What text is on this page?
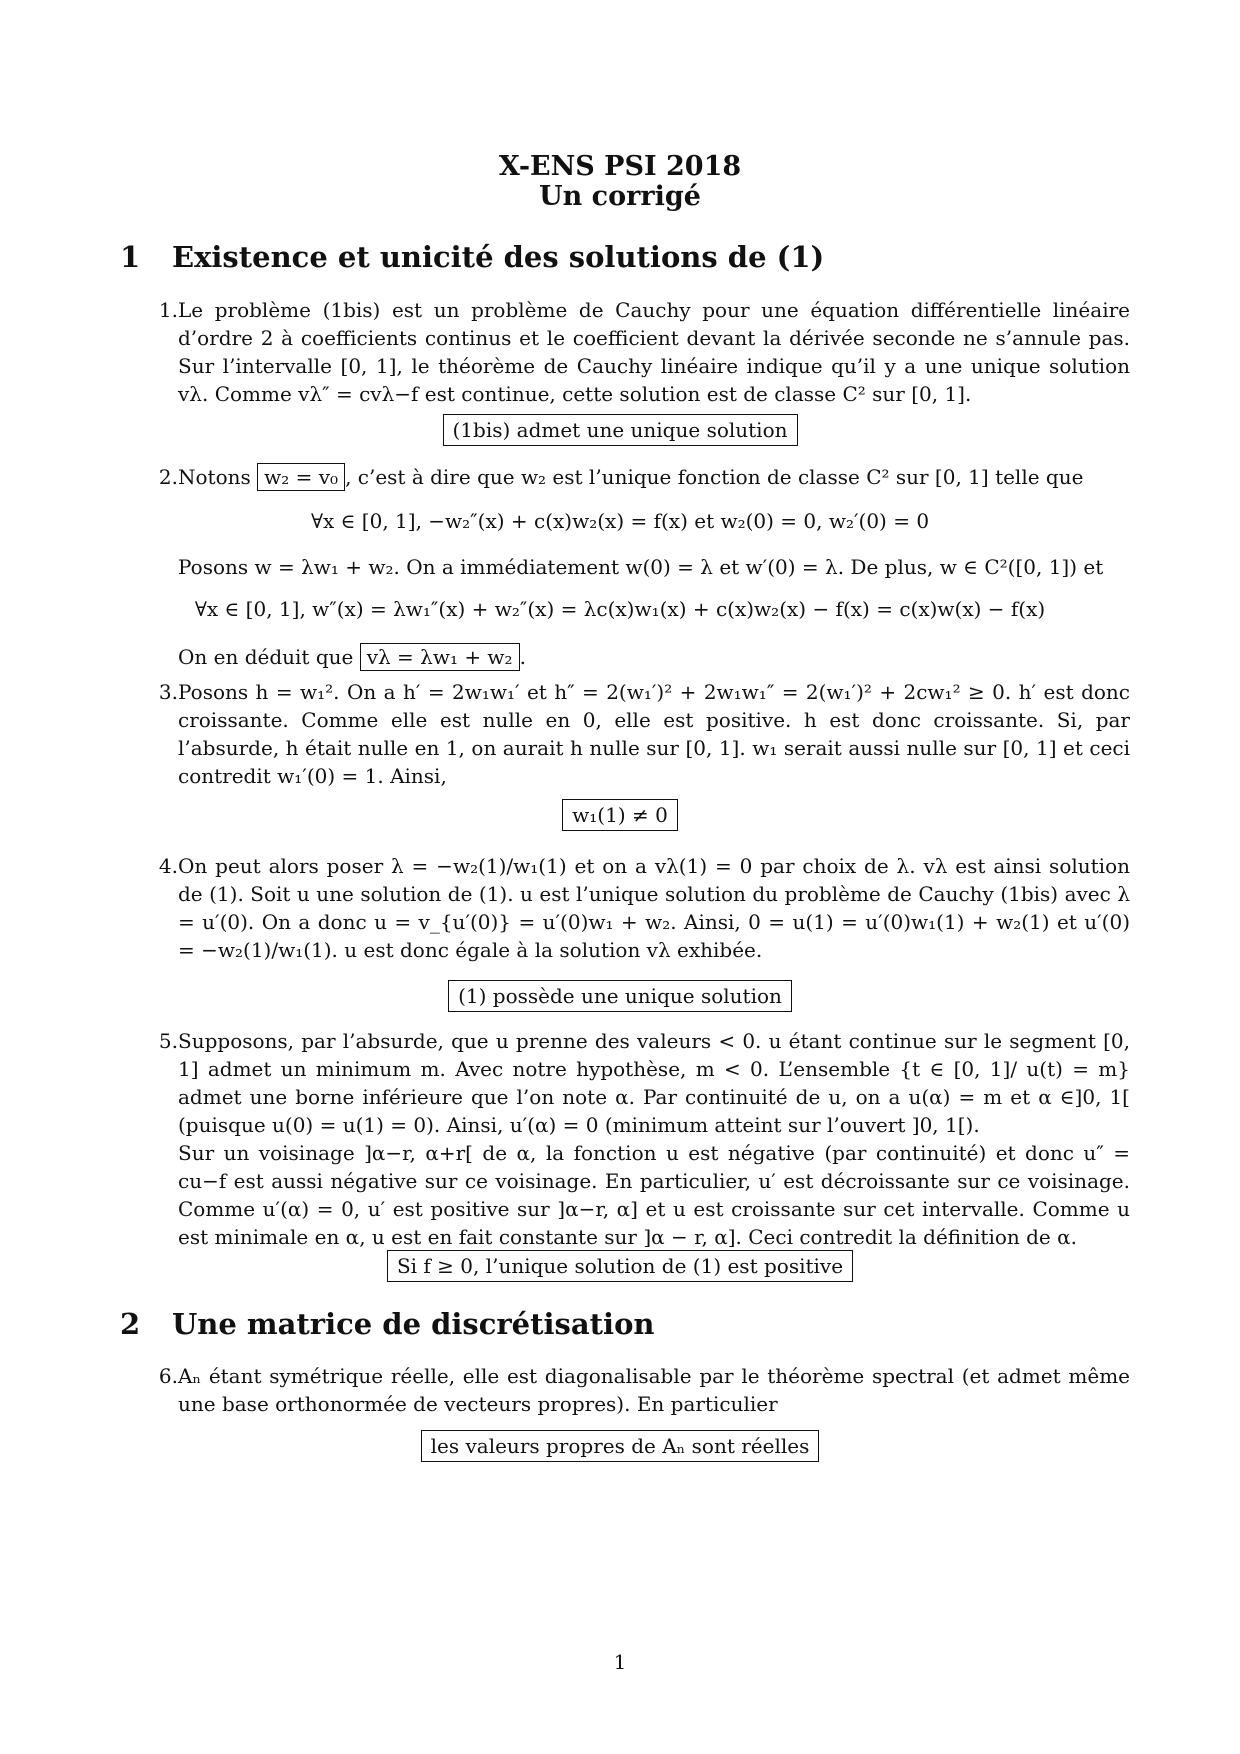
X-ENS PSI 2018
Un corrigé
1 Existence et unicité des solutions de (1)
1. Le problème (1bis) est un problème de Cauchy pour une équation différentielle linéaire d’ordre 2 à coefficients continus et le coefficient devant la dérivée seconde ne s’annule pas. Sur l’intervalle [0, 1], le théorème de Cauchy linéaire indique qu’il y a une unique solution vλ. Comme vλ″ = cvλ−f est continue, cette solution est de classe C² sur [0, 1].

(1bis) admet une unique solution
2. Notons w₂ = v₀ , c’est à dire que w₂ est l’unique fonction de classe C² sur [0, 1] telle que

∀x ∈ [0, 1], −w₂″(x) + c(x)w₂(x) = f(x) et w₂(0) = 0, w₂′(0) = 0

Posons w = λw₁ + w₂. On a immédiatement w(0) = λ et w′(0) = λ. De plus, w ∈ C²([0, 1]) et

∀x ∈ [0, 1], w″(x) = λw₁″(x) + w₂″(x) = λc(x)w₁(x) + c(x)w₂(x) − f(x) = c(x)w(x) − f(x)

On en déduit que vλ = λw₁ + w₂ .

3. Posons h = w₁². On a h′ = 2w₁w₁′ et h″ = 2(w₁′)² + 2w₁w₁″ = 2(w₁′)² + 2cw₁² ≥ 0. h′ est donc croissante. Comme elle est nulle en 0, elle est positive. h est donc croissante. Si, par l’absurde, h était nulle en 1, on aurait h nulle sur [0, 1]. w₁ serait aussi nulle sur [0, 1] et ceci contredit w₁′(0) = 1. Ainsi,

w₁(1) ≠ 0
4. On peut alors poser λ = −w₂(1)/w₁(1) et on a vλ(1) = 0 par choix de λ. vλ est ainsi solution de (1). Soit u une solution de (1). u est l’unique solution du problème de Cauchy (1bis) avec λ = u′(0). On a donc u = v_{u′(0)} = u′(0)w₁ + w₂. Ainsi, 0 = u(1) = u′(0)w₁(1) + w₂(1) et u′(0) = −w₂(1)/w₁(1). u est donc égale à la solution vλ exhibée.

(1) possède une unique solution
5. Supposons, par l’absurde, que u prenne des valeurs < 0. u étant continue sur le segment [0, 1] admet un minimum m. Avec notre hypothèse, m < 0. L’ensemble {t ∈ [0, 1]/ u(t) = m} admet une borne inférieure que l’on note α. Par continuité de u, on a u(α) = m et α ∈]0, 1[ (puisque u(0) = u(1) = 0). Ainsi, u′(α) = 0 (minimum atteint sur l’ouvert ]0, 1[).

Sur un voisinage ]α−r, α+r[ de α, la fonction u est négative (par continuité) et donc u″ = cu−f est aussi négative sur ce voisinage. En particulier, u′ est décroissante sur ce voisinage. Comme u′(α) = 0, u′ est positive sur ]α−r, α] et u est croissante sur cet intervalle. Comme u est minimale en α, u est en fait constante sur ]α − r, α]. Ceci contredit la définition de α.

Si f ≥ 0, l’unique solution de (1) est positive
2 Une matrice de discrétisation
6. Aₙ étant symétrique réelle, elle est diagonalisable par le théorème spectral (et admet même une base orthonormée de vecteurs propres). En particulier

les valeurs propres de Aₙ sont réelles
1
